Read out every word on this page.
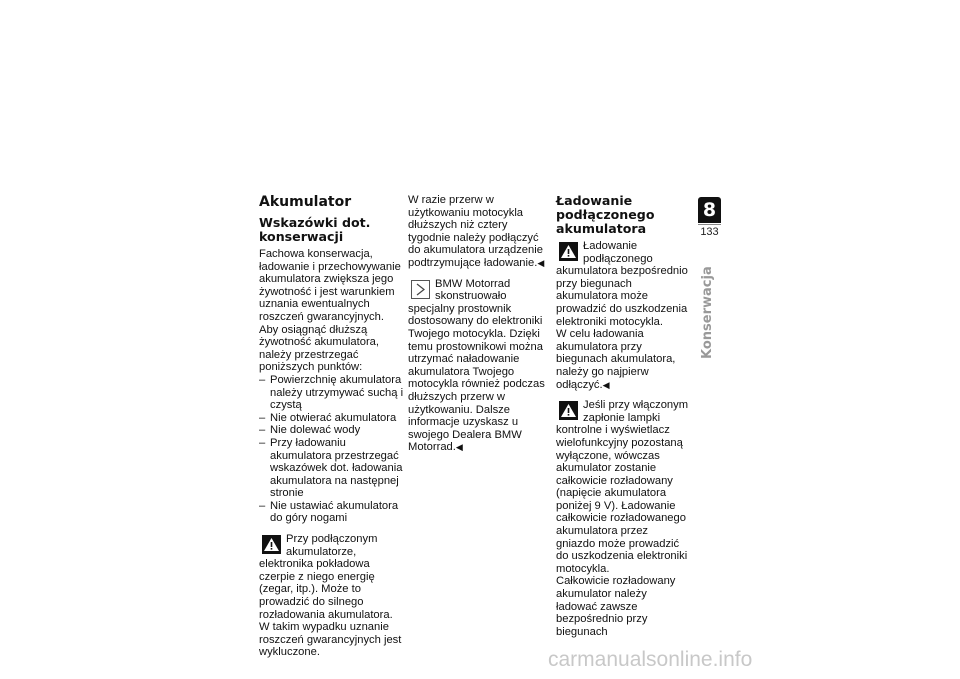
Akumulator
Wskazówki dot. konserwacji

Fachowa konserwacja, ładowanie i przechowywanie akumulatora zwiększa jego żywotność i jest warunkiem uznania ewentualnych roszczeń gwarancyjnych.

Aby osiągnąć dłuższą żywotność akumulatora, należy przestrzegać poniższych punktów:

– Powierzchnię akumulatora należy utrzymywać suchą i czystą
– Nie otwierać akumulatora
– Nie dolewać wody
– Przy ładowaniu akumulatora przestrzegać wskazówek dot. ładowania akumulatora na następnej stronie
– Nie ustawiać akumulatora do góry nogami
Przy podłączonym akumulatorze, elektronika pokładowa czerpie z niego energię (zegar, itp.). Może to prowadzić do silnego rozładowania akumulatora. W takim wypadku uznanie roszczeń gwarancyjnych jest wykluczone.

W razie przerw w użytkowaniu motocykla dłuższych niż cztery tygodnie należy podłączyć do akumulatora urządzenie podtrzymujące ładowanie.◀

BMW Motorrad skonstruowało specjalny prostownik dostosowany do elektroniki Twojego motocykla. Dzięki temu prostownikowi można utrzymać naładowanie akumulatora Twojego motocykla również podczas dłuższych przerw w użytkowaniu. Dalsze informacje uzyskasz u swojego Dealera BMW Motorrad.◀
Ładowanie podłączonego akumulatora
Ładowanie podłączonego akumulatora bezpośrednio przy biegunach akumulatora może prowadzić do uszkodzenia elektroniki motocykla.

W celu ładowania akumulatora przy biegunach akumulatora, należy go najpierw odłączyć.◀

Jeśli przy włączonym zapłonie lampki kontrolne i wyświetlacz wielofunkcyjny pozostaną wyłączone, wówczas akumulator zostanie całkowicie rozładowany (napięcie akumulatora poniżej 9 V). Ładowanie całkowicie rozładowanego akumulatora przez gniazdo może prowadzić do uszkodzenia elektroniki motocykla.

Całkowicie rozładowany akumulator należy ładować zawsze bezpośrednio przy biegunach

8
133
Konserwacja
carmanualsonline.info
